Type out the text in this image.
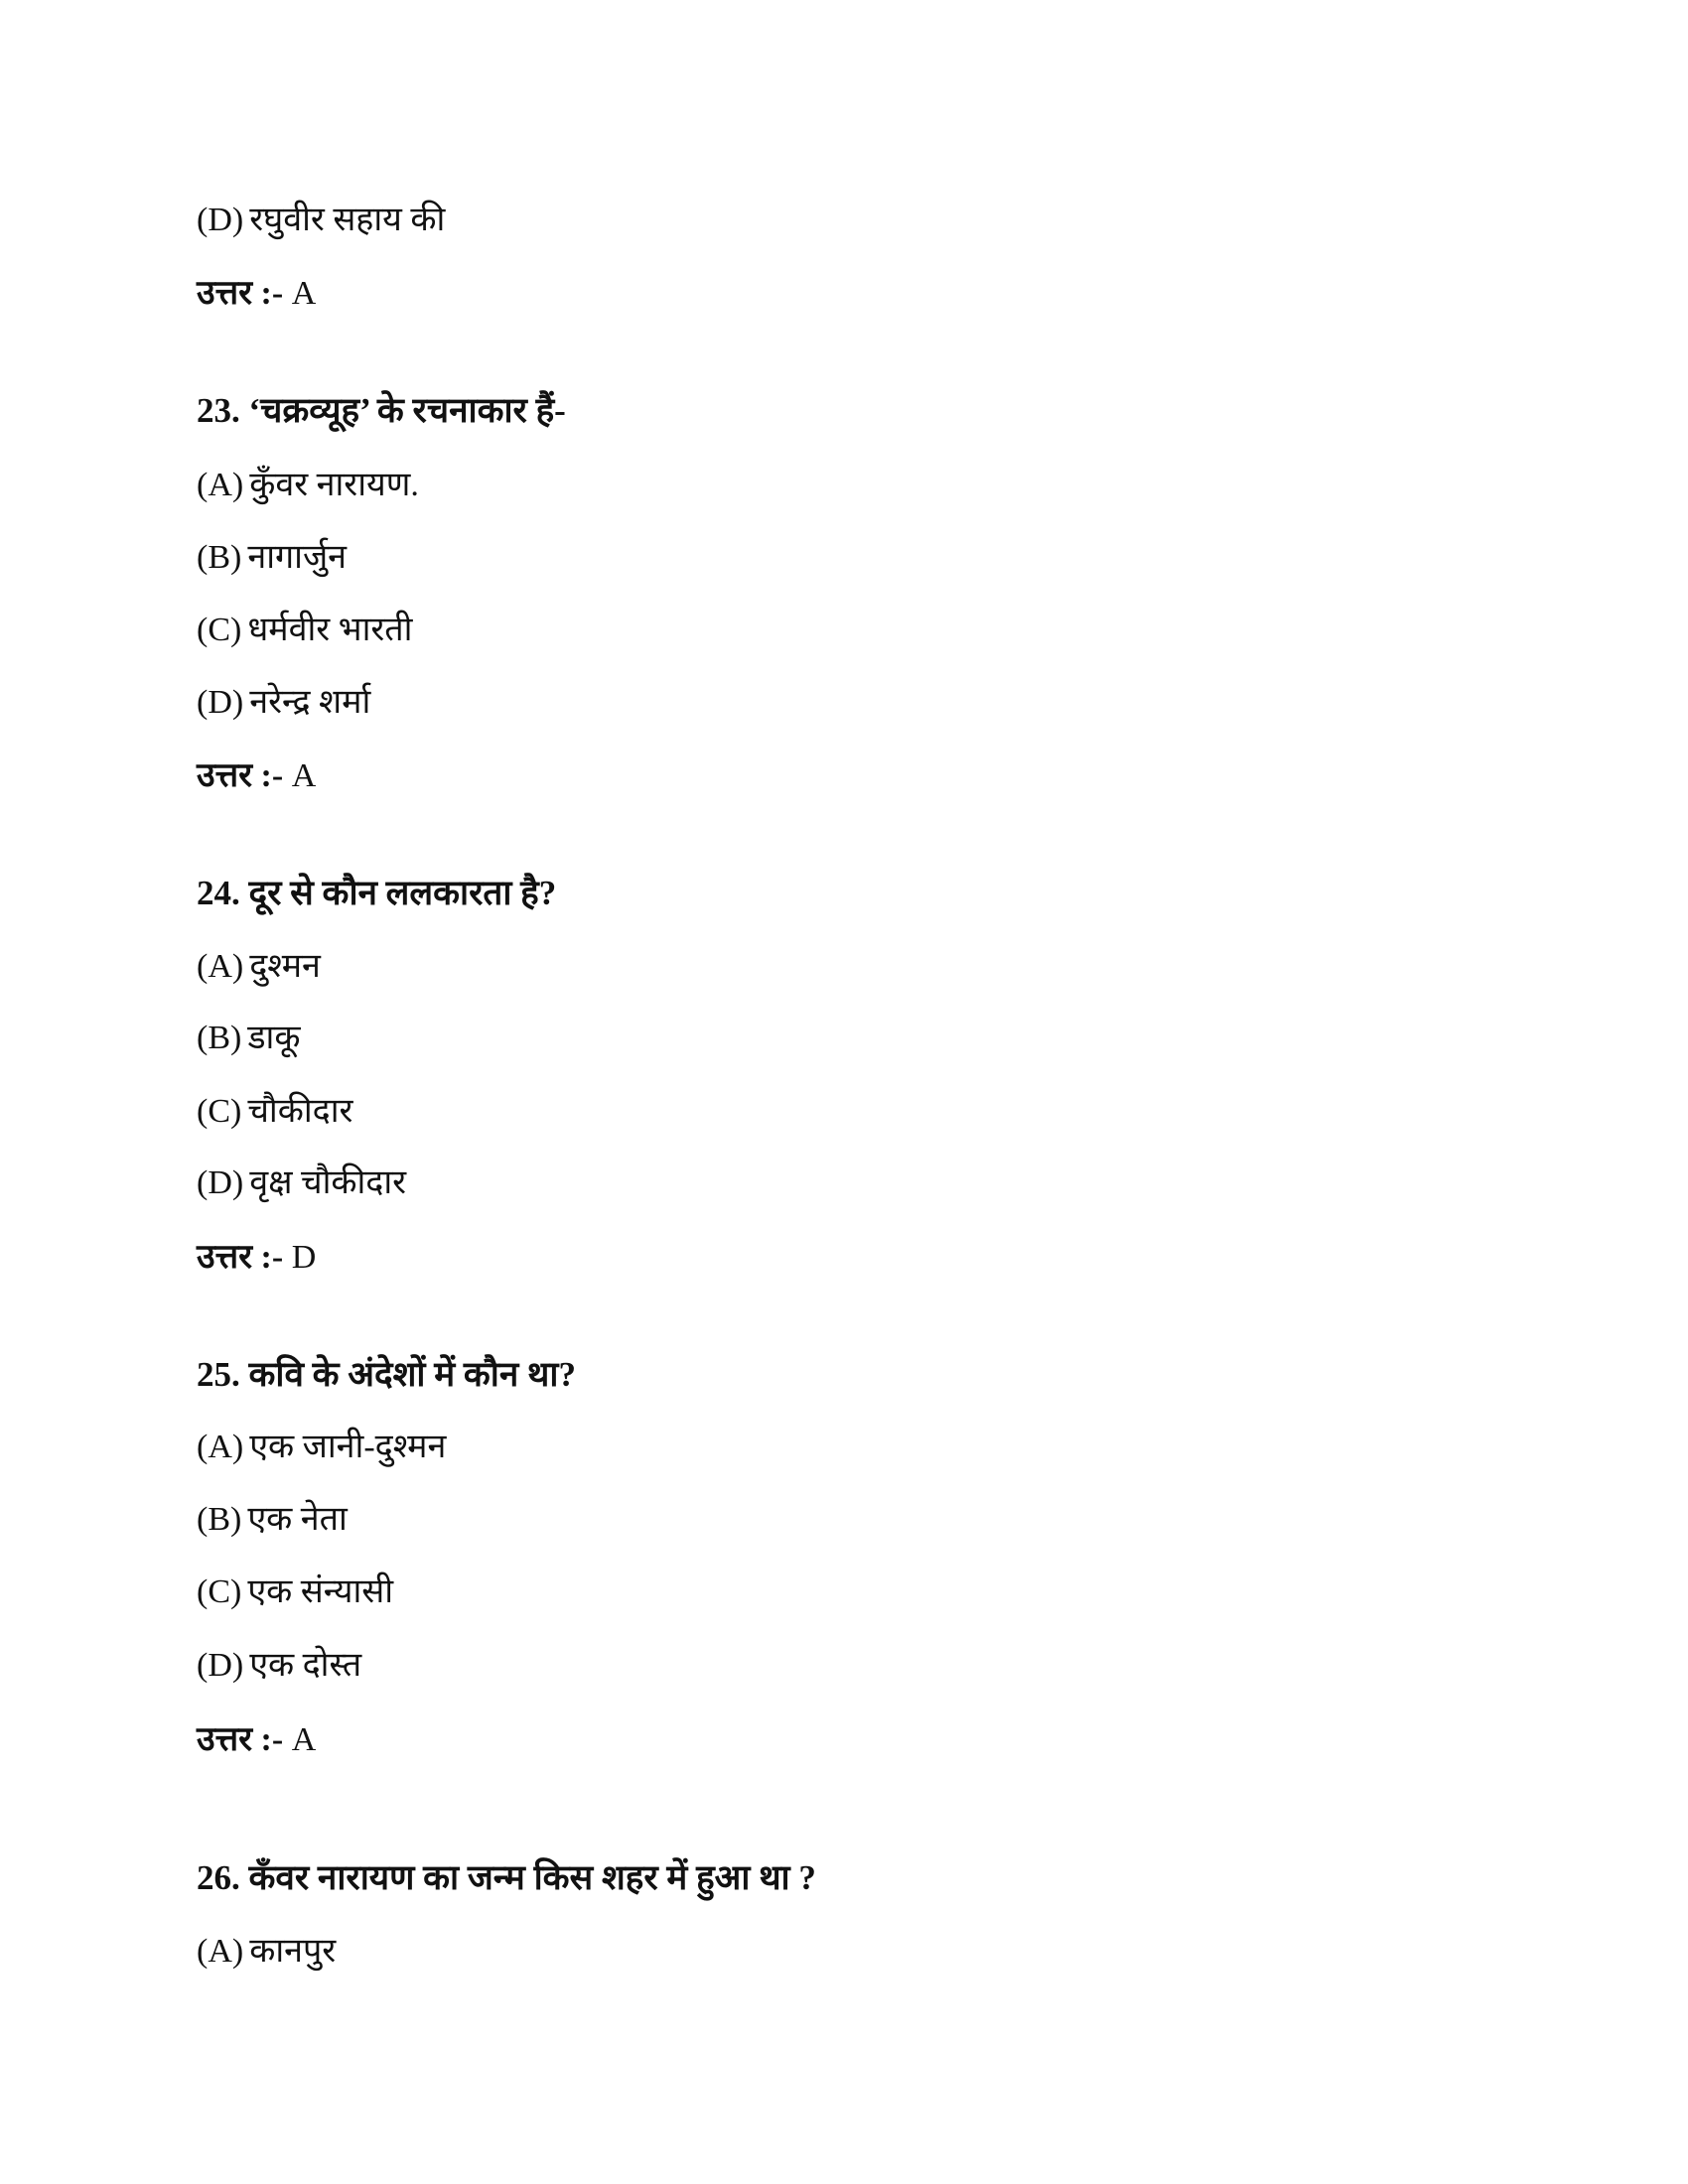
(D) रघुवीर सहाय की
उत्तर :- A
23. ‘चक्रव्यूह’ के रचनाकार हैं-
(A) कुँवर नारायण.
(B) नागार्जुन
(C) धर्मवीर भारती
(D) नरेन्द्र शर्मा
उत्तर :- A
24. दूर से कौन ललकारता है?
(A) दुश्मन
(B) डाकू
(C) चौकीदार
(D) वृक्ष चौकीदार
उत्तर :- D
25. कवि के अंदेशों में कौन था?
(A) एक जानी-दुश्मन
(B) एक नेता
(C) एक संन्यासी
(D) एक दोस्त
उत्तर :- A
26. कँवर नारायण का जन्म किस शहर में हुआ था ?
(A) कानपुर
